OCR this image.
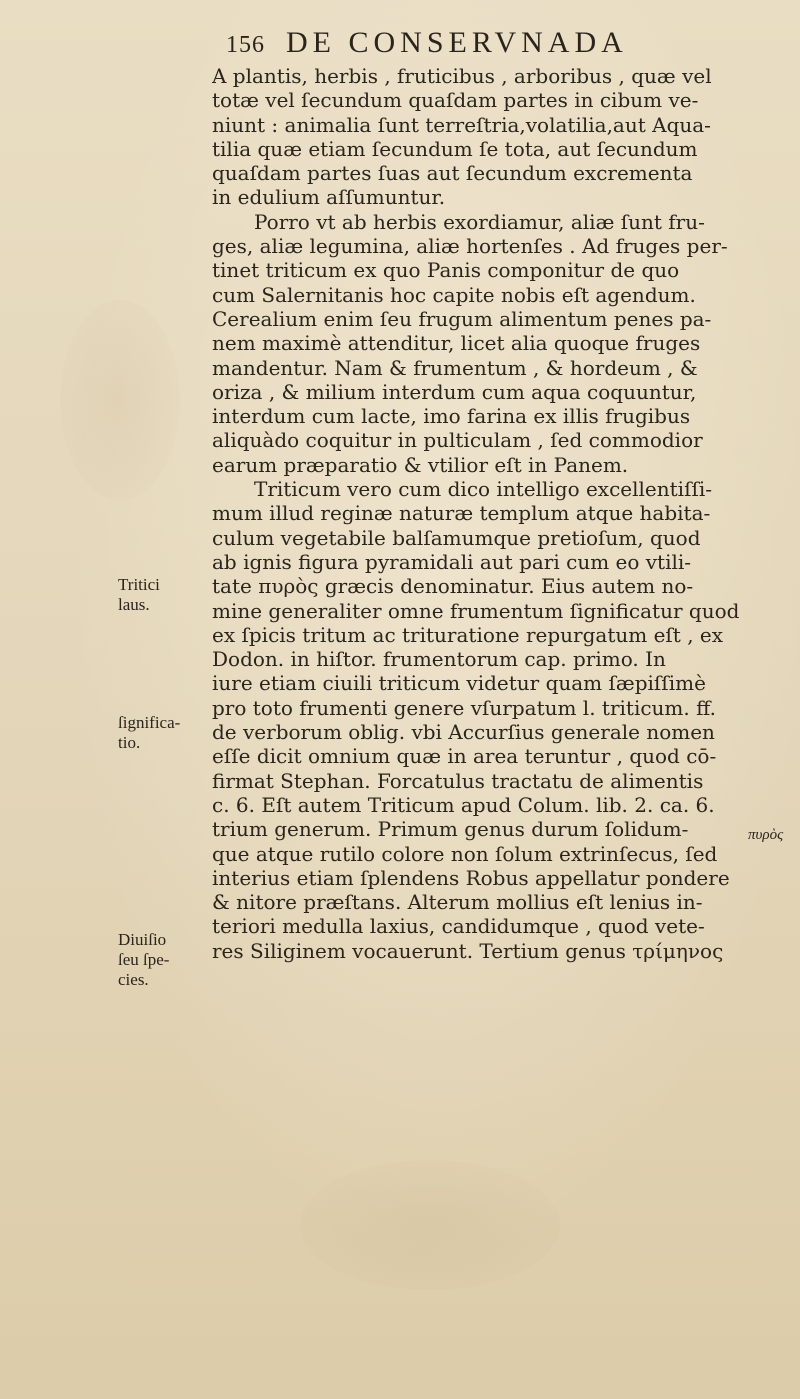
156 DE CONSERVNADA
A plantis, herbis , fruticibus , arboribus , quæ vel
totæ vel ſecundum quaſdam partes in cibum ve-
niunt : animalia ſunt terreſtria,volatilia,aut Aqua-
tilia quæ etiam ſecundum ſe tota, aut ſecundum
quaſdam partes ſuas aut ſecundum excrementa
in edulium aſſumuntur.
Porro vt ab herbis exordiamur, aliæ ſunt fru-
ges, aliæ legumina, aliæ hortenſes . Ad fruges per-
tinet triticum ex quo Panis componitur de quo
cum Salernitanis hoc capite nobis eſt agendum.
Cerealium enim ſeu frugum alimentum penes pa-
nem maximè attenditur, licet alia quoque fruges
mandentur. Nam & frumentum , & hordeum , &
oriza , & milium interdum cum aqua coquuntur,
interdum cum lacte, imo farina ex illis frugibus
aliquàdo coquitur in pulticulam , ſed commodior
earum præparatio & vtilior eſt in Panem.
Triticum vero cum dico intelligo excellentiſſi-
mum illud reginæ naturæ templum atque habita-
culum vegetabile balſamumque pretioſum, quod
ab ignis figura pyramidali aut pari cum eo vtili-
tate πυρὸς græcis denominatur. Eius autem no-
mine generaliter omne frumentum ſignificatur quod
ex ſpicis tritum ac trituratione repurgatum eſt , ex
Dodon. in hiſtor. frumentorum cap. primo. In
iure etiam ciuili triticum videtur quam ſæpiſſimè
pro toto frumenti genere vſurpatum l. triticum. ff.
de verborum oblig. vbi Accurſius generale nomen
eſſe dicit omnium quæ in area teruntur , quod cō-
firmat Stephan. Forcatulus tractatu de alimentis
c. 6. Eſt autem Triticum apud Colum. lib. 2. ca. 6.
trium generum. Primum genus durum ſolidum-
que atque rutilo colore non ſolum extrinſecus, ſed
interius etiam ſplendens Robus appellatur pondere
& nitore præſtans. Alterum mollius eſt lenius in-
teriori medulla laxius, candidumque , quod vete-
res Siliginem vocauerunt. Tertium genus τρίμηνος
Tritici
laus.
ſignifica-
tio.
Diuiſio
ſeu ſpe-
cies.
πυρὸς
